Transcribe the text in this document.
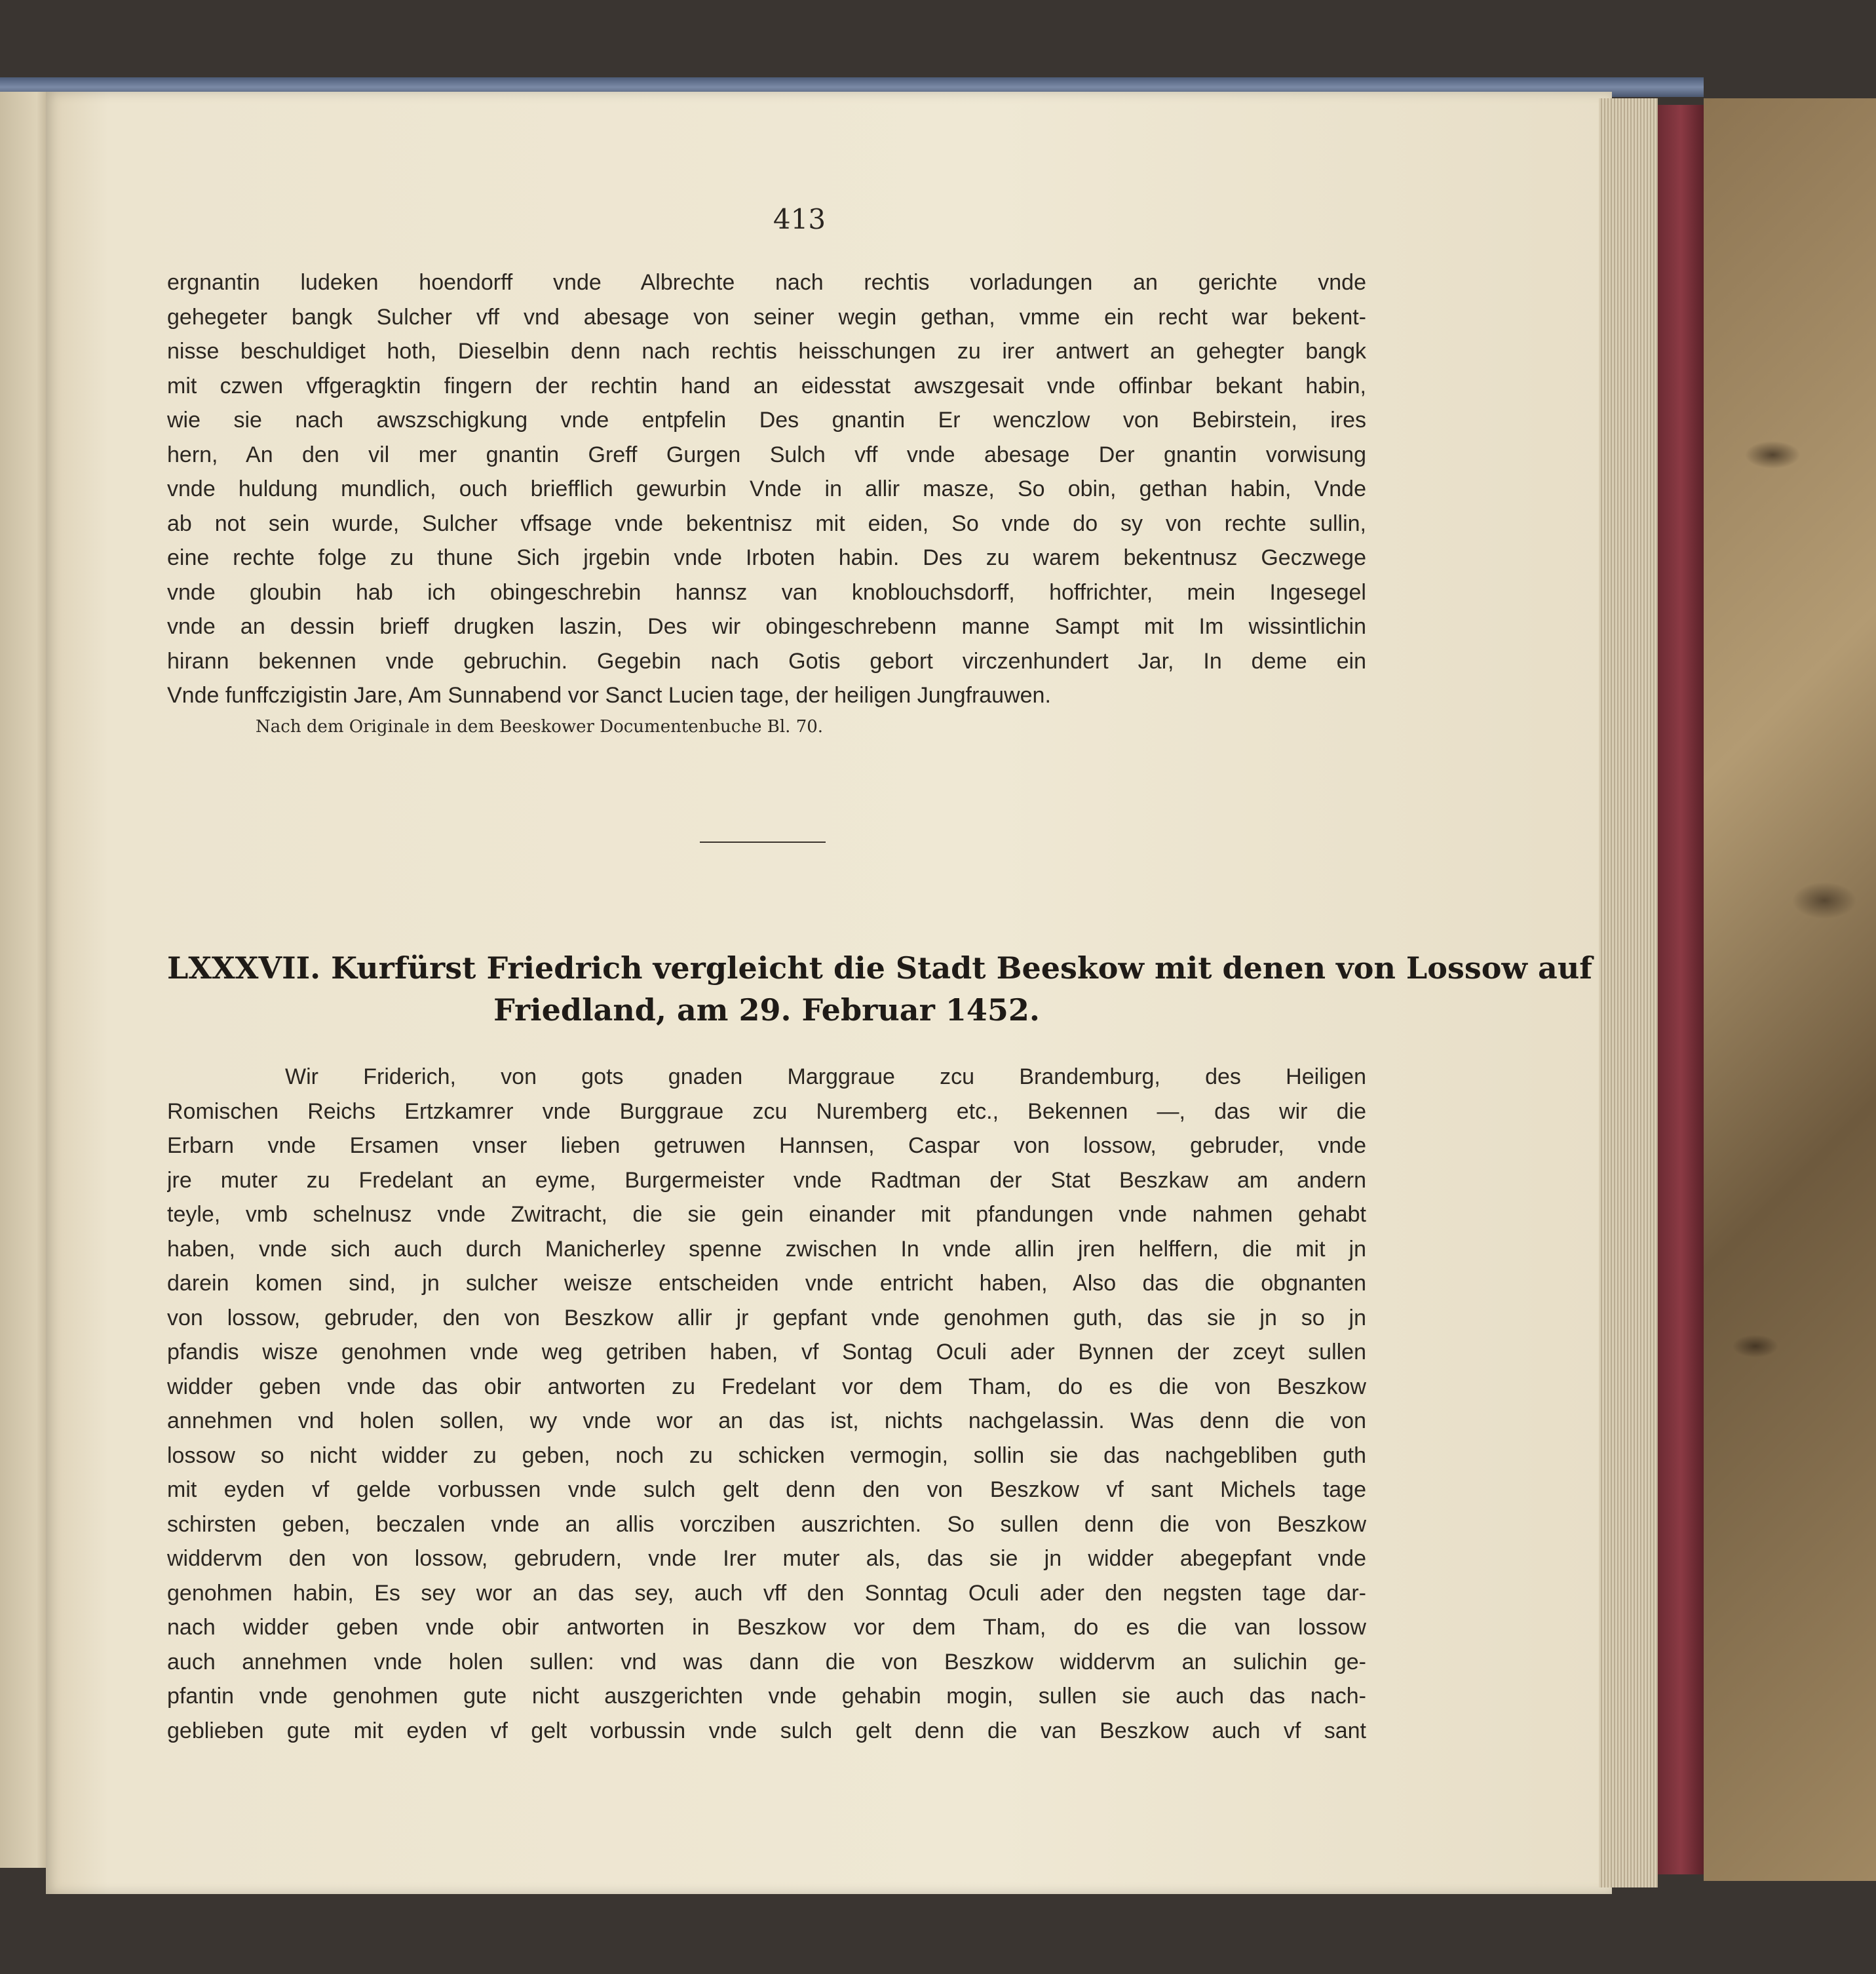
413
ergnantin ludeken hoendorff vnde Albrechte nach rechtis vorladungen an gerichte vnde
gehegeter bangk Sulcher vff vnd abesage von seiner wegin gethan, vmme ein recht war bekent-
nisse beschuldiget hoth, Dieselbin denn nach rechtis heisschungen zu irer antwert an gehegter bangk
mit czwen vffgeragktin fingern der rechtin hand an eidesstat awszgesait vnde offinbar bekant habin,
wie sie nach awszschigkung vnde entpfelin Des gnantin Er wenczlow von Bebirstein, ires
hern, An den vil mer gnantin Greff Gurgen Sulch vff vnde abesage Der gnantin vorwisung
vnde huldung mundlich, ouch briefflich gewurbin Vnde in allir masze, So obin, gethan habin, Vnde
ab not sein wurde, Sulcher vffsage vnde bekentnisz mit eiden, So vnde do sy von rechte sullin,
eine rechte folge zu thune Sich jrgebin vnde Irboten habin. Des zu warem bekentnusz Geczwege
vnde gloubin hab ich obingeschrebin hannsz van knoblouchsdorff, hoffrichter, mein Ingesegel
vnde an dessin brieff drugken laszin, Des wir obingeschrebenn manne Sampt mit Im wissintlichin
hirann bekennen vnde gebruchin. Gegebin nach Gotis gebort virczenhundert Jar, In deme ein
Vnde funffczigistin Jare, Am Sunnabend vor Sanct Lucien tage, der heiligen Jungfrauwen.
Nach dem Originale in dem Beeskower Documentenbuche Bl. 70.
LXXXVII. Kurfürst Friedrich vergleicht die Stadt Beeskow mit denen von Lossow auf
Friedland, am 29. Februar 1452.
Wir Friderich, von gots gnaden Marggraue zcu Brandemburg, des Heiligen
Romischen Reichs Ertzkamrer vnde Burggraue zcu Nuremberg etc., Bekennen —, das wir die
Erbarn vnde Ersamen vnser lieben getruwen Hannsen, Caspar von lossow, gebruder, vnde
jre muter zu Fredelant an eyme, Burgermeister vnde Radtman der Stat Beszkaw am andern
teyle, vmb schelnusz vnde Zwitracht, die sie gein einander mit pfandungen vnde nahmen gehabt
haben, vnde sich auch durch Manicherley spenne zwischen In vnde allin jren helffern, die mit jn
darein komen sind, jn sulcher weisze entscheiden vnde entricht haben, Also das die obgnanten
von lossow, gebruder, den von Beszkow allir jr gepfant vnde genohmen guth, das sie jn so jn
pfandis wisze genohmen vnde weg getriben haben, vf Sontag Oculi ader Bynnen der zceyt sullen
widder geben vnde das obir antworten zu Fredelant vor dem Tham, do es die von Beszkow
annehmen vnd holen sollen, wy vnde wor an das ist, nichts nachgelassin. Was denn die von
lossow so nicht widder zu geben, noch zu schicken vermogin, sollin sie das nachgebliben guth
mit eyden vf gelde vorbussen vnde sulch gelt denn den von Beszkow vf sant Michels tage
schirsten geben, beczalen vnde an allis vorcziben auszrichten. So sullen denn die von Beszkow
widdervm den von lossow, gebrudern, vnde Irer muter als, das sie jn widder abegepfant vnde
genohmen habin, Es sey wor an das sey, auch vff den Sonntag Oculi ader den negsten tage dar-
nach widder geben vnde obir antworten in Beszkow vor dem Tham, do es die van lossow
auch annehmen vnde holen sullen: vnd was dann die von Beszkow widdervm an sulichin ge-
pfantin vnde genohmen gute nicht auszgerichten vnde gehabin mogin, sullen sie auch das nach-
geblieben gute mit eyden vf gelt vorbussin vnde sulch gelt denn die van Beszkow auch vf sant
